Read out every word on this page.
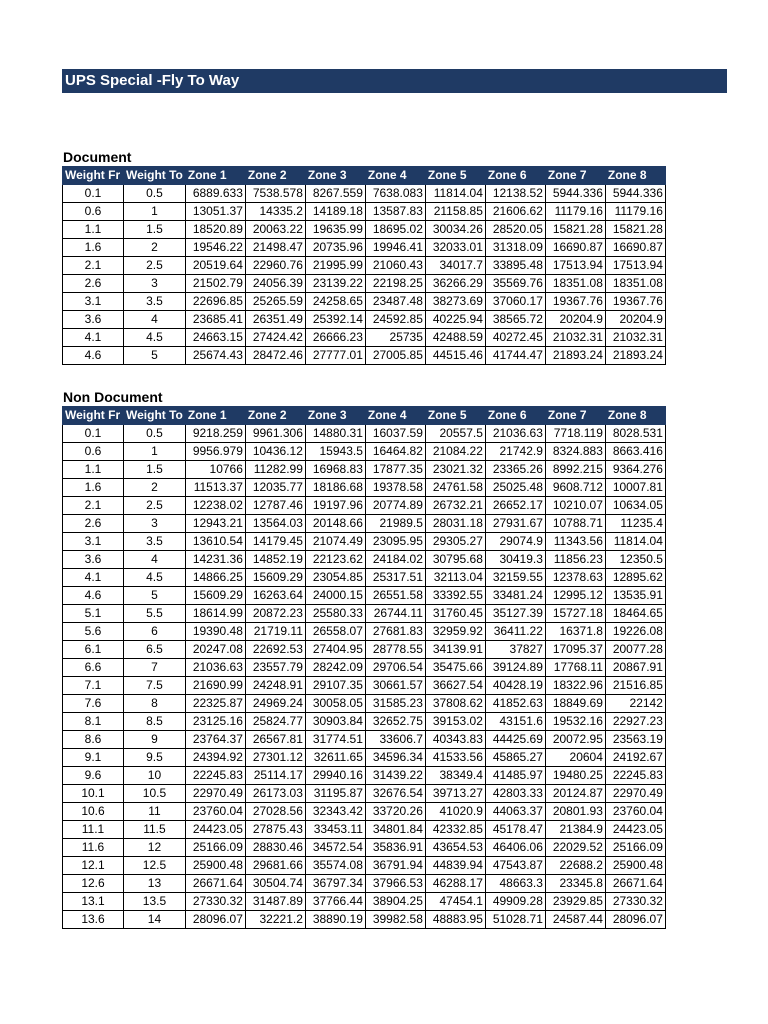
UPS Special -Fly To Way
Document
Weight Fr	Weight To	Zone 1	Zone 2	Zone 3	Zone 4	Zone 5	Zone 6	Zone 7	Zone 8
0.1	0.5	6889.633	7538.578	8267.559	7638.083	11814.04	12138.52	5944.336	5944.336
0.6	1	13051.37	14335.2	14189.18	13587.83	21158.85	21606.62	11179.16	11179.16
1.1	1.5	18520.89	20063.22	19635.99	18695.02	30034.26	28520.05	15821.28	15821.28
1.6	2	19546.22	21498.47	20735.96	19946.41	32033.01	31318.09	16690.87	16690.87
2.1	2.5	20519.64	22960.76	21995.99	21060.43	34017.7	33895.48	17513.94	17513.94
2.6	3	21502.79	24056.39	23139.22	22198.25	36266.29	35569.76	18351.08	18351.08
3.1	3.5	22696.85	25265.59	24258.65	23487.48	38273.69	37060.17	19367.76	19367.76
3.6	4	23685.41	26351.49	25392.14	24592.85	40225.94	38565.72	20204.9	20204.9
4.1	4.5	24663.15	27424.42	26666.23	25735	42488.59	40272.45	21032.31	21032.31
4.6	5	25674.43	28472.46	27777.01	27005.85	44515.46	41744.47	21893.24	21893.24
Non Document
Weight Fr	Weight To	Zone 1	Zone 2	Zone 3	Zone 4	Zone 5	Zone 6	Zone 7	Zone 8
0.1	0.5	9218.259	9961.306	14880.31	16037.59	20557.5	21036.63	7718.119	8028.531
0.6	1	9956.979	10436.12	15943.5	16464.82	21084.22	21742.9	8324.883	8663.416
1.1	1.5	10766	11282.99	16968.83	17877.35	23021.32	23365.26	8992.215	9364.276
1.6	2	11513.37	12035.77	18186.68	19378.58	24761.58	25025.48	9608.712	10007.81
2.1	2.5	12238.02	12787.46	19197.96	20774.89	26732.21	26652.17	10210.07	10634.05
2.6	3	12943.21	13564.03	20148.66	21989.5	28031.18	27931.67	10788.71	11235.4
3.1	3.5	13610.54	14179.45	21074.49	23095.95	29305.27	29074.9	11343.56	11814.04
3.6	4	14231.36	14852.19	22123.62	24184.02	30795.68	30419.3	11856.23	12350.5
4.1	4.5	14866.25	15609.29	23054.85	25317.51	32113.04	32159.55	12378.63	12895.62
4.6	5	15609.29	16263.64	24000.15	26551.58	33392.55	33481.24	12995.12	13535.91
5.1	5.5	18614.99	20872.23	25580.33	26744.11	31760.45	35127.39	15727.18	18464.65
5.6	6	19390.48	21719.11	26558.07	27681.83	32959.92	36411.22	16371.8	19226.08
6.1	6.5	20247.08	22692.53	27404.95	28778.55	34139.91	37827	17095.37	20077.28
6.6	7	21036.63	23557.79	28242.09	29706.54	35475.66	39124.89	17768.11	20867.91
7.1	7.5	21690.99	24248.91	29107.35	30661.57	36627.54	40428.19	18322.96	21516.85
7.6	8	22325.87	24969.24	30058.05	31585.23	37808.62	41852.63	18849.69	22142
8.1	8.5	23125.16	25824.77	30903.84	32652.75	39153.02	43151.6	19532.16	22927.23
8.6	9	23764.37	26567.81	31774.51	33606.7	40343.83	44425.69	20072.95	23563.19
9.1	9.5	24394.92	27301.12	32611.65	34596.34	41533.56	45865.27	20604	24192.67
9.6	10	22245.83	25114.17	29940.16	31439.22	38349.4	41485.97	19480.25	22245.83
10.1	10.5	22970.49	26173.03	31195.87	32676.54	39713.27	42803.33	20124.87	22970.49
10.6	11	23760.04	27028.56	32343.42	33720.26	41020.9	44063.37	20801.93	23760.04
11.1	11.5	24423.05	27875.43	33453.11	34801.84	42332.85	45178.47	21384.9	24423.05
11.6	12	25166.09	28830.46	34572.54	35836.91	43654.53	46406.06	22029.52	25166.09
12.1	12.5	25900.48	29681.66	35574.08	36791.94	44839.94	47543.87	22688.2	25900.48
12.6	13	26671.64	30504.74	36797.34	37966.53	46288.17	48663.3	23345.8	26671.64
13.1	13.5	27330.32	31487.89	37766.44	38904.25	47454.1	49909.28	23929.85	27330.32
13.6	14	28096.07	32221.2	38890.19	39982.58	48883.95	51028.71	24587.44	28096.07
